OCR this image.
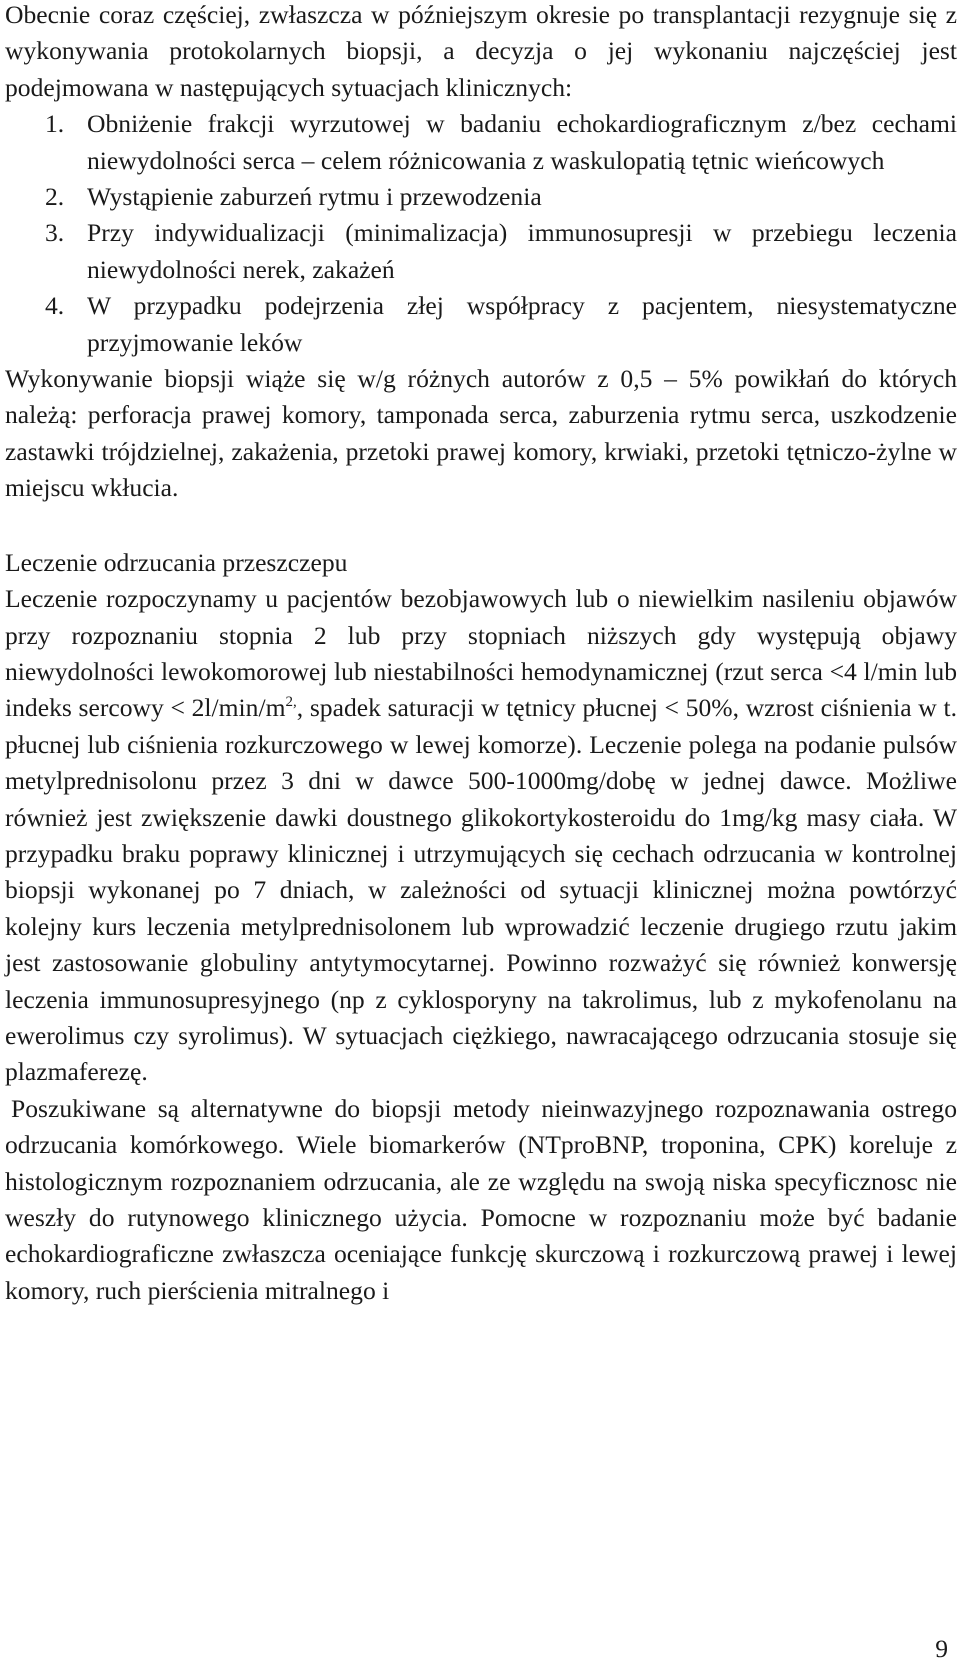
Obecnie coraz częściej, zwłaszcza w późniejszym okresie po transplantacji rezygnuje się z wykonywania protokolarnych biopsji, a decyzja o jej wykonaniu najczęściej jest podejmowana w następujących sytuacjach klinicznych:

1. Obniżenie frakcji wyrzutowej w badaniu echokardiograficznym z/bez cechami niewydolności serca – celem różnicowania z waskulopatią tętnic wieńcowych
2. Wystąpienie zaburzeń rytmu i przewodzenia
3. Przy indywidualizacji (minimalizacja) immunosupresji w przebiegu leczenia niewydolności nerek, zakażeń
4. W przypadku podejrzenia złej współpracy z pacjentem, niesystematyczne przyjmowanie leków

Wykonywanie biopsji wiąże się w/g różnych autorów z 0,5 – 5% powikłań do których należą: perforacja prawej komory, tamponada serca, zaburzenia rytmu serca, uszkodzenie zastawki trójdzielnej, zakażenia, przetoki prawej komory, krwiaki, przetoki tętniczo-żylne w miejscu wkłucia.

Leczenie odrzucania przeszczepu

Leczenie rozpoczynamy u pacjentów bezobjawowych lub o niewielkim nasileniu objawów przy rozpoznaniu stopnia 2 lub przy stopniach niższych gdy występują objawy niewydolności lewokomorowej lub niestabilności hemodynamicznej (rzut serca <4 l/min lub indeks sercowy < $2l/\min/m^{2,}$, spadek saturacji w tętnicy płucnej < 50%, wzrost ciśnienia w t. płucnej lub ciśnienia rozkurczowego w lewej komorze). Leczenie polega na podanie pulsów metylprednisolonu przez 3 dni w dawce 500-1000mg/dobę w jednej dawce. Możliwe również jest zwiększenie dawki doustnego glikokortykosteroidu do 1mg/kg masy ciała. W przypadku braku poprawy klinicznej i utrzymujących się cechach odrzucania w kontrolnej biopsji wykonanej po 7 dniach, w zależności od sytuacji klinicznej można powtórzyć kolejny kurs leczenia metylprednisolonem lub wprowadzić leczenie drugiego rzutu jakim jest zastosowanie globuliny antytymocytarnej. Powinno rozważyć się również konwersję leczenia immunosupresyjnego (np z cyklosporyny na takrolimus, lub z mykofenolanu na ewerolimus czy syrolimus). W sytuacjach ciężkiego, nawracającego odrzucania stosuje się plazmaferezę.

Poszukiwane są alternatywne do biopsji metody nieinwazyjnego rozpoznawania ostrego odrzucania komórkowego. Wiele biomarkerów (NTproBNP, troponina, CPK) koreluje z histologicznym rozpoznaniem odrzucania, ale ze względu na swoją niska specyficznosc nie weszły do rutynowego klinicznego użycia. Pomocne w rozpoznaniu może być badanie echokardiograficzne zwłaszcza oceniające funkcję skurczową i rozkurczową prawej i lewej komory, ruch pierścienia mitralnego i

9
